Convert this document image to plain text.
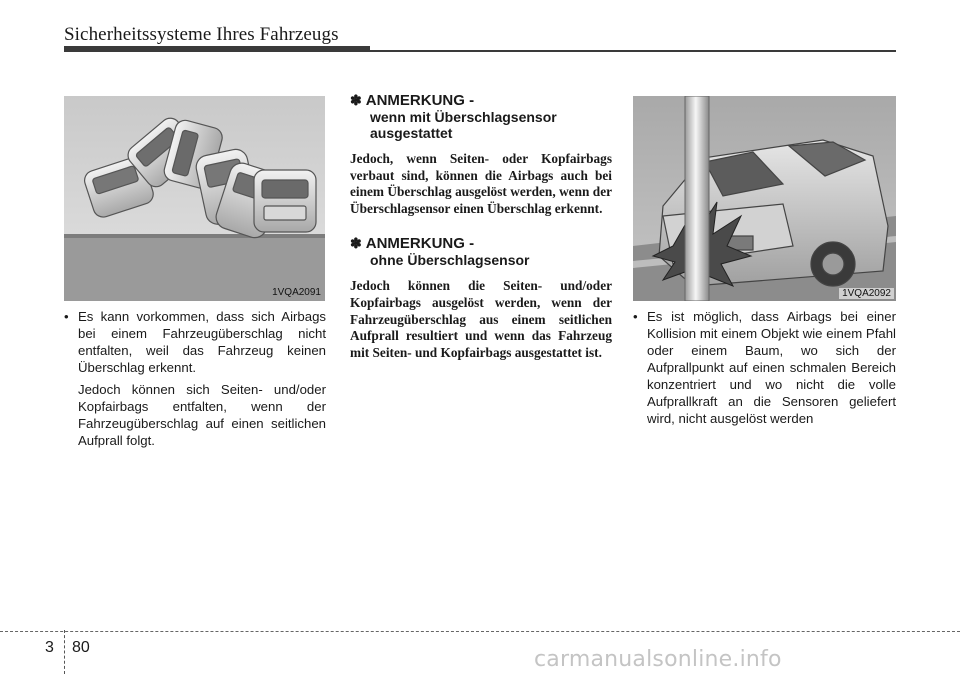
Sicherheitssysteme Ihres Fahrzeugs
1VQA2091	1VQA2092
• Es kann vorkommen, dass sich Airbags bei einem Fahrzeugüberschlag nicht entfalten, weil das Fahrzeug keinen Überschlag erkennt.
Jedoch können sich Seiten- und/oder Kopfairbags entfalten, wenn der Fahrzeugüberschlag auf einen seitlichen Aufprall folgt.
✽ ANMERKUNG -
wenn mit Überschlagsensor ausgestattet
Jedoch, wenn Seiten- oder Kopfairbags verbaut sind, können die Airbags auch bei einem Überschlag ausgelöst werden, wenn der Überschlagsensor einen Überschlag erkennt.
✽ ANMERKUNG -
ohne Überschlagsensor
Jedoch können die Seiten- und/oder Kopfairbags ausgelöst werden, wenn der Fahrzeugüberschlag aus einem seitlichen Aufprall resultiert und wenn das Fahrzeug mit Seiten- und Kopfairbags ausgestattet ist.
• Es ist möglich, dass Airbags bei einer Kollision mit einem Objekt wie einem Pfahl oder einem Baum, wo sich der Aufprallpunkt auf einen schmalen Bereich konzentriert und wo nicht die volle Aufprallkraft an die Sensoren geliefert wird, nicht ausgelöst werden
3 80	carmanualsonline.info
